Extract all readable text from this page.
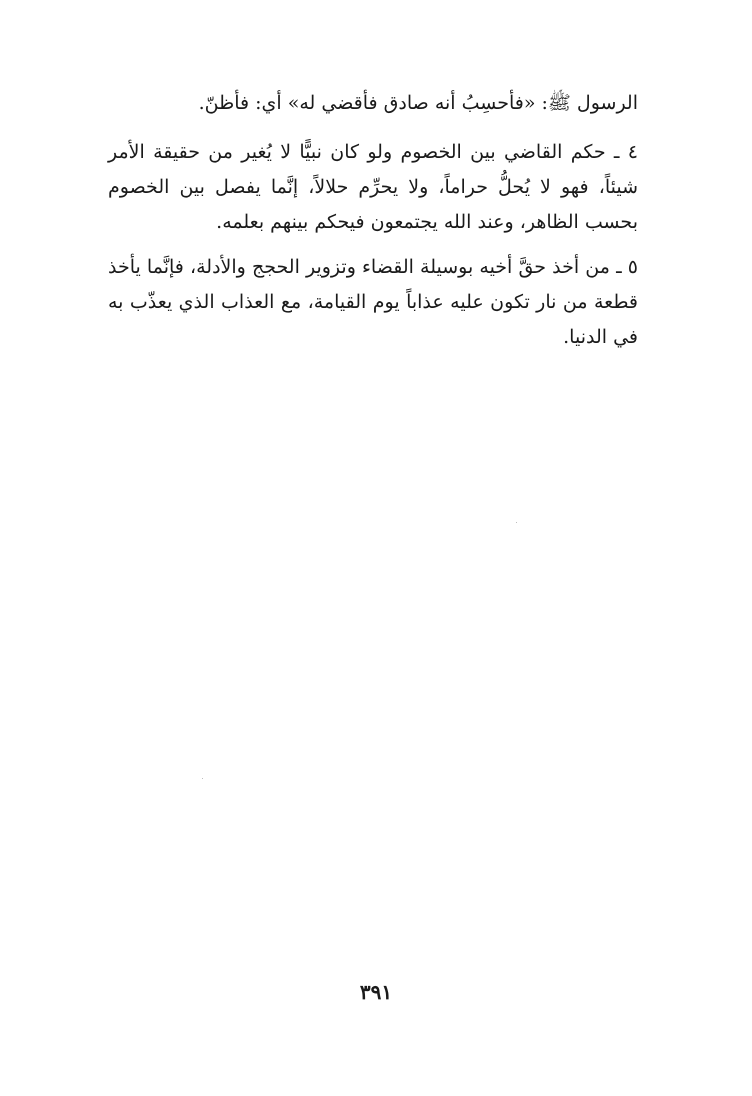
الرسول ﷺ: «فأحسِبُ أنه صادق فأقضي له» أي: فأظنّ.

٤ ـ حكم القاضي بين الخصوم ولو كان نبيًّا لا يُغير من حقيقة الأمر شيئاً، فهو لا يُحلُّ حراماً، ولا يحرِّم حلالاً، إنَّما يفصل بين الخصوم بحسب الظاهر، وعند الله يجتمعون فيحكم بينهم بعلمه.

٥ ـ من أخذ حقَّ أخيه بوسيلة القضاء وتزوير الحجج والأدلة، فإنَّما يأخذ قطعة من نار تكون عليه عذاباً يوم القيامة، مع العذاب الذي يعذّب به في الدنيا.

٣٩١
